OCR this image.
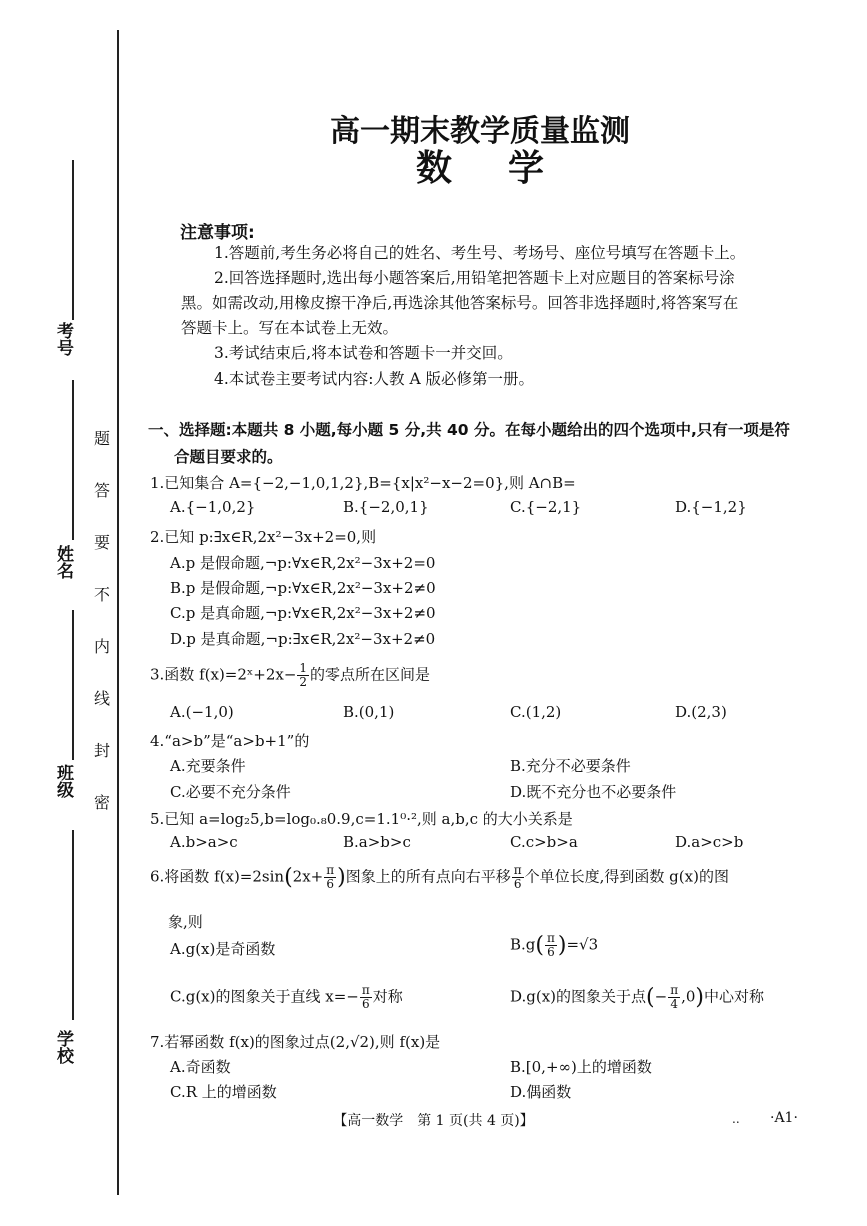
考号
姓名
班级
学校
题
答
要
不
内
线
封
密
高一期末教学质量监测
数学
注意事项:
1.答题前,考生务必将自己的姓名、考生号、考场号、座位号填写在答题卡上。
2.回答选择题时,选出每小题答案后,用铅笔把答题卡上对应题目的答案标号涂
黑。如需改动,用橡皮擦干净后,再选涂其他答案标号。回答非选择题时,将答案写在
答题卡上。写在本试卷上无效。
3.考试结束后,将本试卷和答题卡一并交回。
4.本试卷主要考试内容:人教 A 版必修第一册。
一、选择题:本题共 8 小题,每小题 5 分,共 40 分。在每小题给出的四个选项中,只有一项是符
合题目要求的。
1.已知集合 A={−2,−1,0,1,2},B={x|x²−x−2=0},则 A∩B=
A.{−1,0,2}	B.{−2,0,1}	C.{−2,1}	D.{−1,2}
2.已知 p:∃x∈R,2x²−3x+2=0,则
A.p 是假命题,¬p:∀x∈R,2x²−3x+2=0
B.p 是假命题,¬p:∀x∈R,2x²−3x+2≠0
C.p 是真命题,¬p:∀x∈R,2x²−3x+2≠0
D.p 是真命题,¬p:∃x∈R,2x²−3x+2≠0
3.函数 f(x)=2ˣ+2x− $\frac{1}{2}$ 的零点所在区间是
A.(−1,0)	B.(0,1)	C.(1,2)	D.(2,3)
4.“a>b”是“a>b+1”的
A.充要条件	B.充分不必要条件
C.必要不充分条件	D.既不充分也不必要条件
5.已知 a=log₂5,b=log₀.₈0.9,c=1.1⁰·²,则 a,b,c 的大小关系是
A.b>a>c	B.a>b>c	C.c>b>a	D.a>c>b
6.将函数 $f(x)=2\sin(2x+ \frac{\pi}{6}$ )图象上的所有点向右平移 $\frac{\pi}{6}$ 个单位长度,得到函数 g(x)的图
象,则
A.g(x)是奇函数	$B.g( \frac{\pi}{6} )=√3$
C.g(x)的图象关于直线 $x=- \frac{\pi}{6}$ 对称	D.g(x)的图象关于点(− $\frac{\pi}{4} ,0$)中心对称
7.若幂函数 f(x)的图象过点(2,√2),则 f(x)是
A.奇函数	B.[0,+∞)上的增函数
C.R 上的增函数	D.偶函数
【高一数学　第 1 页(共 4 页)】	.. ·A1·
